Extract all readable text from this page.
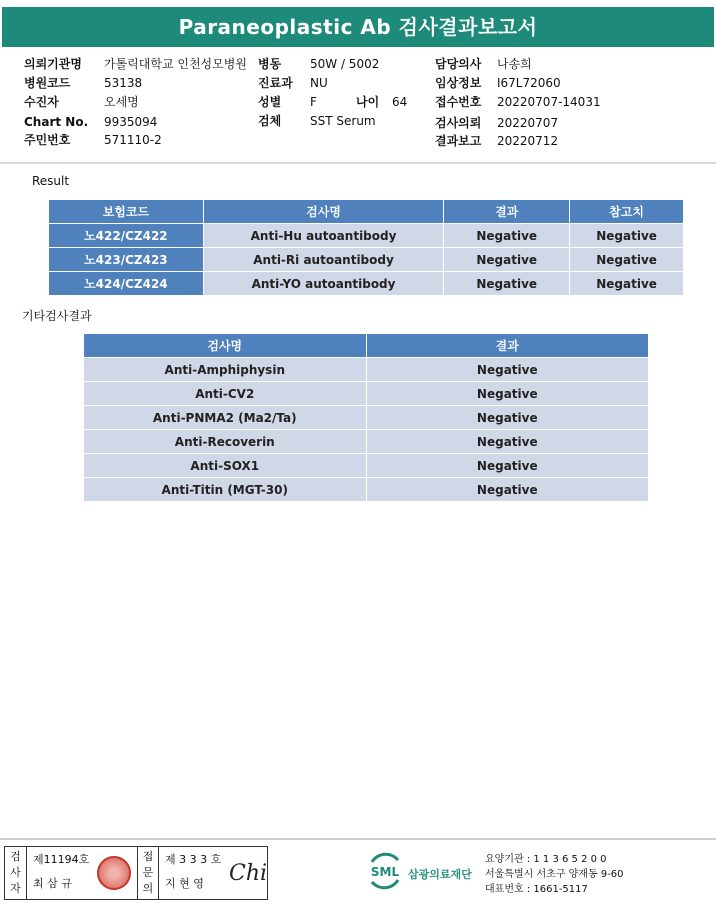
Paraneoplastic Ab 검사결과보고서
의뢰기관명 가톨릭대학교 인천성모병원
병원코드	53138
수진자	오세명
Chart No. 9935094
주민번호	571110-2
병동 50W / 5002
진료과 NU
성별 F	나이 64
검체 SST Serum
담당의사 나송희
임상정보 I67L72060
접수번호 20220707-14031
검사의뢰 20220707
결과보고 20220712
Result
보험코드	검사명	결과	참고치
노422/CZ422	Anti-Hu autoantibody	Negative	Negative
노423/CZ423	Anti-Ri autoantibody	Negative	Negative
노424/CZ424	Anti-YO autoantibody	Negative	Negative
기타검사결과
검사명	결과
Anti-Amphiphysin	Negative
Anti-CV2	Negative
Anti-PNMA2 (Ma2/Ta)	Negative
Anti-Recoverin	Negative
Anti-SOX1	Negative
Anti-Titin (MGT-30)	Negative
검
사
자
제11194호
최 삼 규
접
문
의
제 3 3 3 호
지 현 영 Chi	SML 삼광의료재단
요양기관 : 1 1 3 6 5 2 0 0
서울특별시 서초구 양재동 9-60
대표번호 : 1661-5117
